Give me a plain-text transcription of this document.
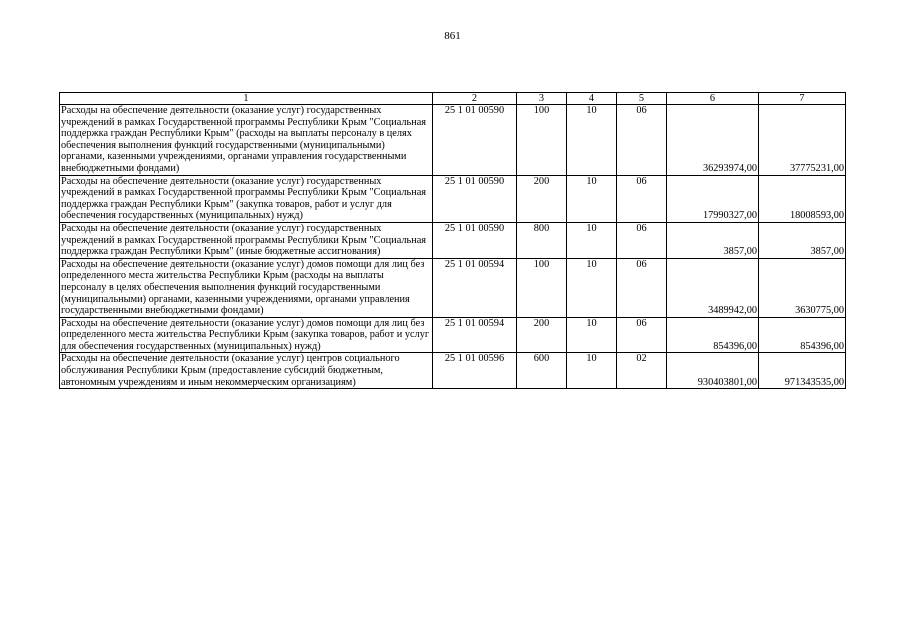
861
1	2	3	4	5	6	7
Расходы на обеспечение деятельности (оказание услуг) государственных учреждений в рамках Государственной программы Республики Крым "Социальная поддержка граждан Республики Крым" (расходы на выплаты персоналу в целях обеспечения выполнения функций государственными (муниципальными) органами, казенными учреждениями, органами управления государственными внебюджетными фондами)	25 1 01 00590	100	10	06	36293974,00	37775231,00
Расходы на обеспечение деятельности (оказание услуг) государственных учреждений в рамках Государственной программы Республики Крым "Социальная поддержка граждан Республики Крым" (закупка товаров, работ и услуг для обеспечения государственных (муниципальных) нужд)	25 1 01 00590	200	10	06	17990327,00	18008593,00
Расходы на обеспечение деятельности (оказание услуг) государственных учреждений в рамках Государственной программы Республики Крым "Социальная поддержка граждан Республики Крым" (иные бюджетные ассигнования)	25 1 01 00590	800	10	06	3857,00	3857,00
Расходы на обеспечение деятельности (оказание услуг) домов помощи для лиц без определенного места жительства Республики Крым (расходы на выплаты персоналу в целях обеспечения выполнения функций государственными (муниципальными) органами, казенными учреждениями, органами управления государственными внебюджетными фондами)	25 1 01 00594	100	10	06	3489942,00	3630775,00
Расходы на обеспечение деятельности (оказание услуг) домов помощи для лиц без определенного места жительства Республики Крым (закупка товаров, работ и услуг для обеспечения государственных (муниципальных) нужд)	25 1 01 00594	200	10	06	854396,00	854396,00
Расходы на обеспечение деятельности (оказание услуг) центров социального обслуживания Республики Крым (предоставление субсидий бюджетным, автономным учреждениям и иным некоммерческим организациям)	25 1 01 00596	600	10	02	930403801,00	971343535,00
